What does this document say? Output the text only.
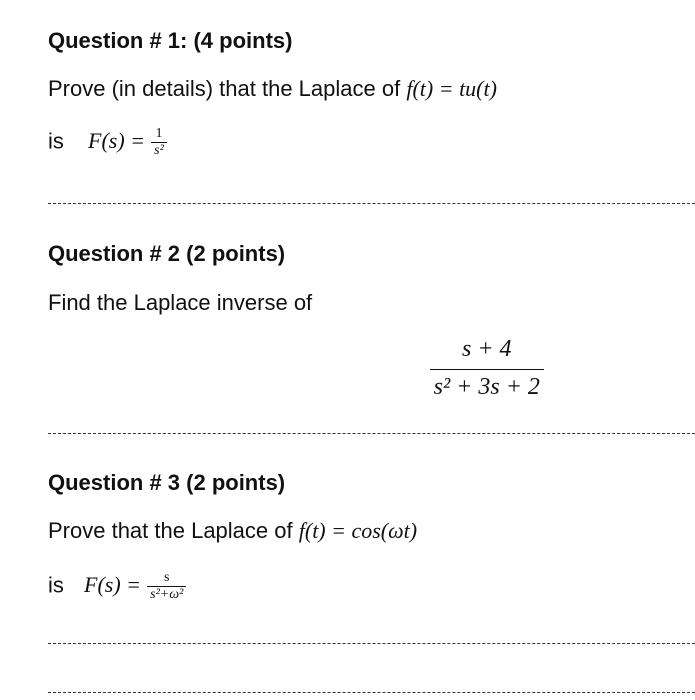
Question # 1: (4 points)
Prove (in details) that the Laplace of f(t) = tu(t)
is $F(s) = \frac{1}{\text{s²}}$
Question # 2 (2 points)
Find the Laplace inverse of
$\frac{s + 4}{\text{s² + 3s + 2}}$
Question # 3 (2 points)
Prove that the Laplace of f(t) = cos(ωt)
is $F(s) = \frac{s}{\text{s²+ω²}}$
